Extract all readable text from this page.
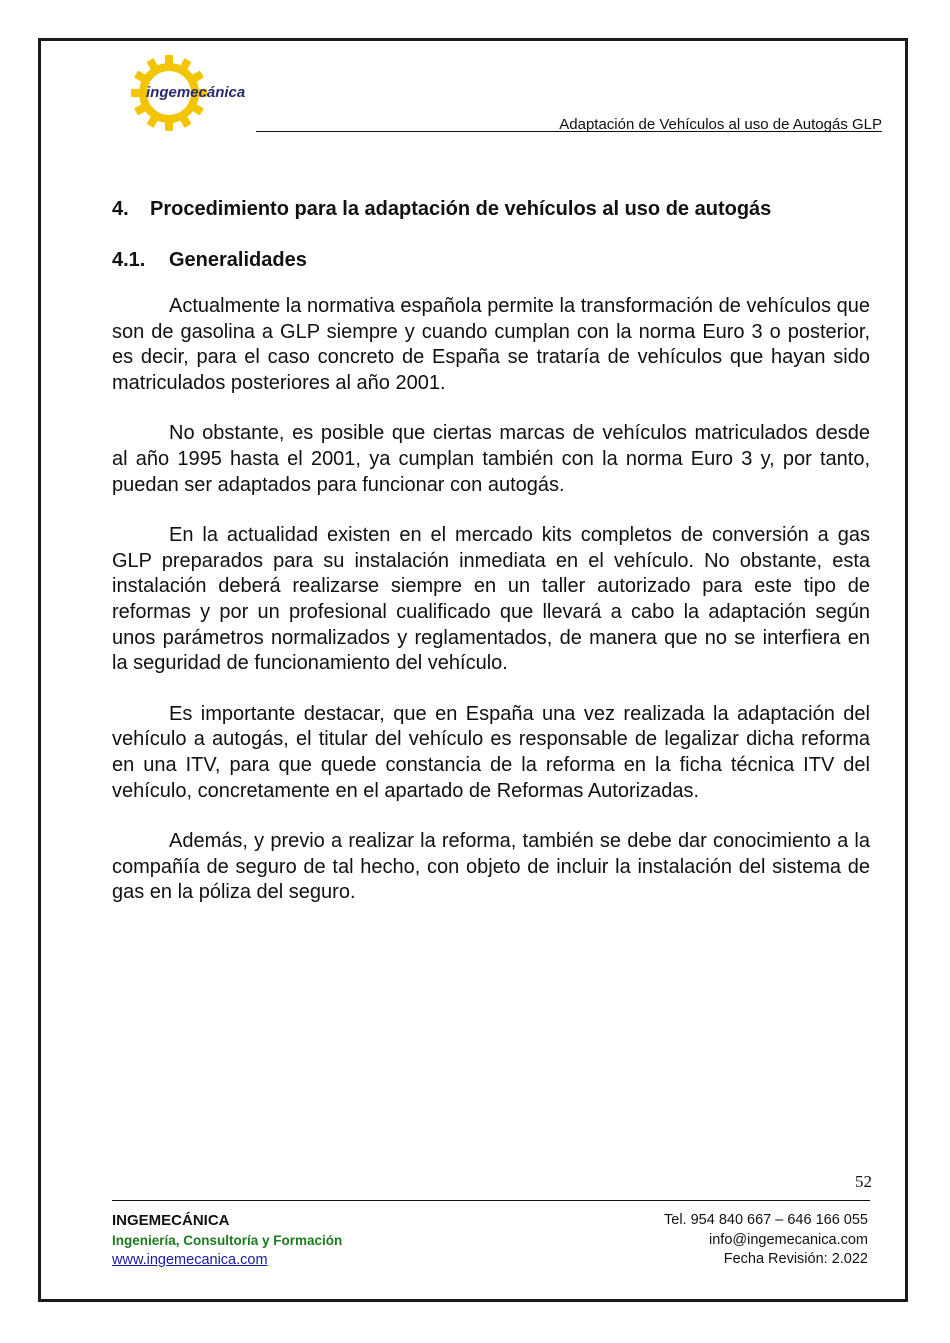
ingemecánica
Adaptación de Vehículos al uso de Autogás GLP
4.	Procedimiento para la adaptación de vehículos al uso de autogás
4.1.	Generalidades

Actualmente la normativa española permite la transformación de vehículos que son de gasolina a GLP siempre y cuando cumplan con la norma Euro 3 o posterior, es decir, para el caso concreto de España se trataría de vehículos que hayan sido matriculados posteriores al año 2001.

No obstante, es posible que ciertas marcas de vehículos matriculados desde al año 1995 hasta el 2001, ya cumplan también con la norma Euro 3 y, por tanto, puedan ser adaptados para funcionar con autogás.

En la actualidad existen en el mercado kits completos de conversión a gas GLP preparados para su instalación inmediata en el vehículo. No obstante, esta instalación deberá realizarse siempre en un taller autorizado para este tipo de reformas y por un profesional cualificado que llevará a cabo la adaptación según unos parámetros normalizados y reglamentados, de manera que no se interfiera en la seguridad de funcionamiento del vehículo.

Es importante destacar, que en España una vez realizada la adaptación del vehículo a autogás, el titular del vehículo es responsable de legalizar dicha reforma en una ITV, para que quede constancia de la reforma en la ficha técnica ITV del vehículo, concretamente en el apartado de Reformas Autorizadas.

Además, y previo a realizar la reforma, también se debe dar conocimiento a la compañía de seguro de tal hecho, con objeto de incluir la instalación del sistema de gas en la póliza del seguro.

52
INGEMECÁNICA
Ingeniería, Consultoría y Formación
www.ingemecanica.com
Tel. 954 840 667 – 646 166 055
info@ingemecanica.com
Fecha Revisión: 2.022
